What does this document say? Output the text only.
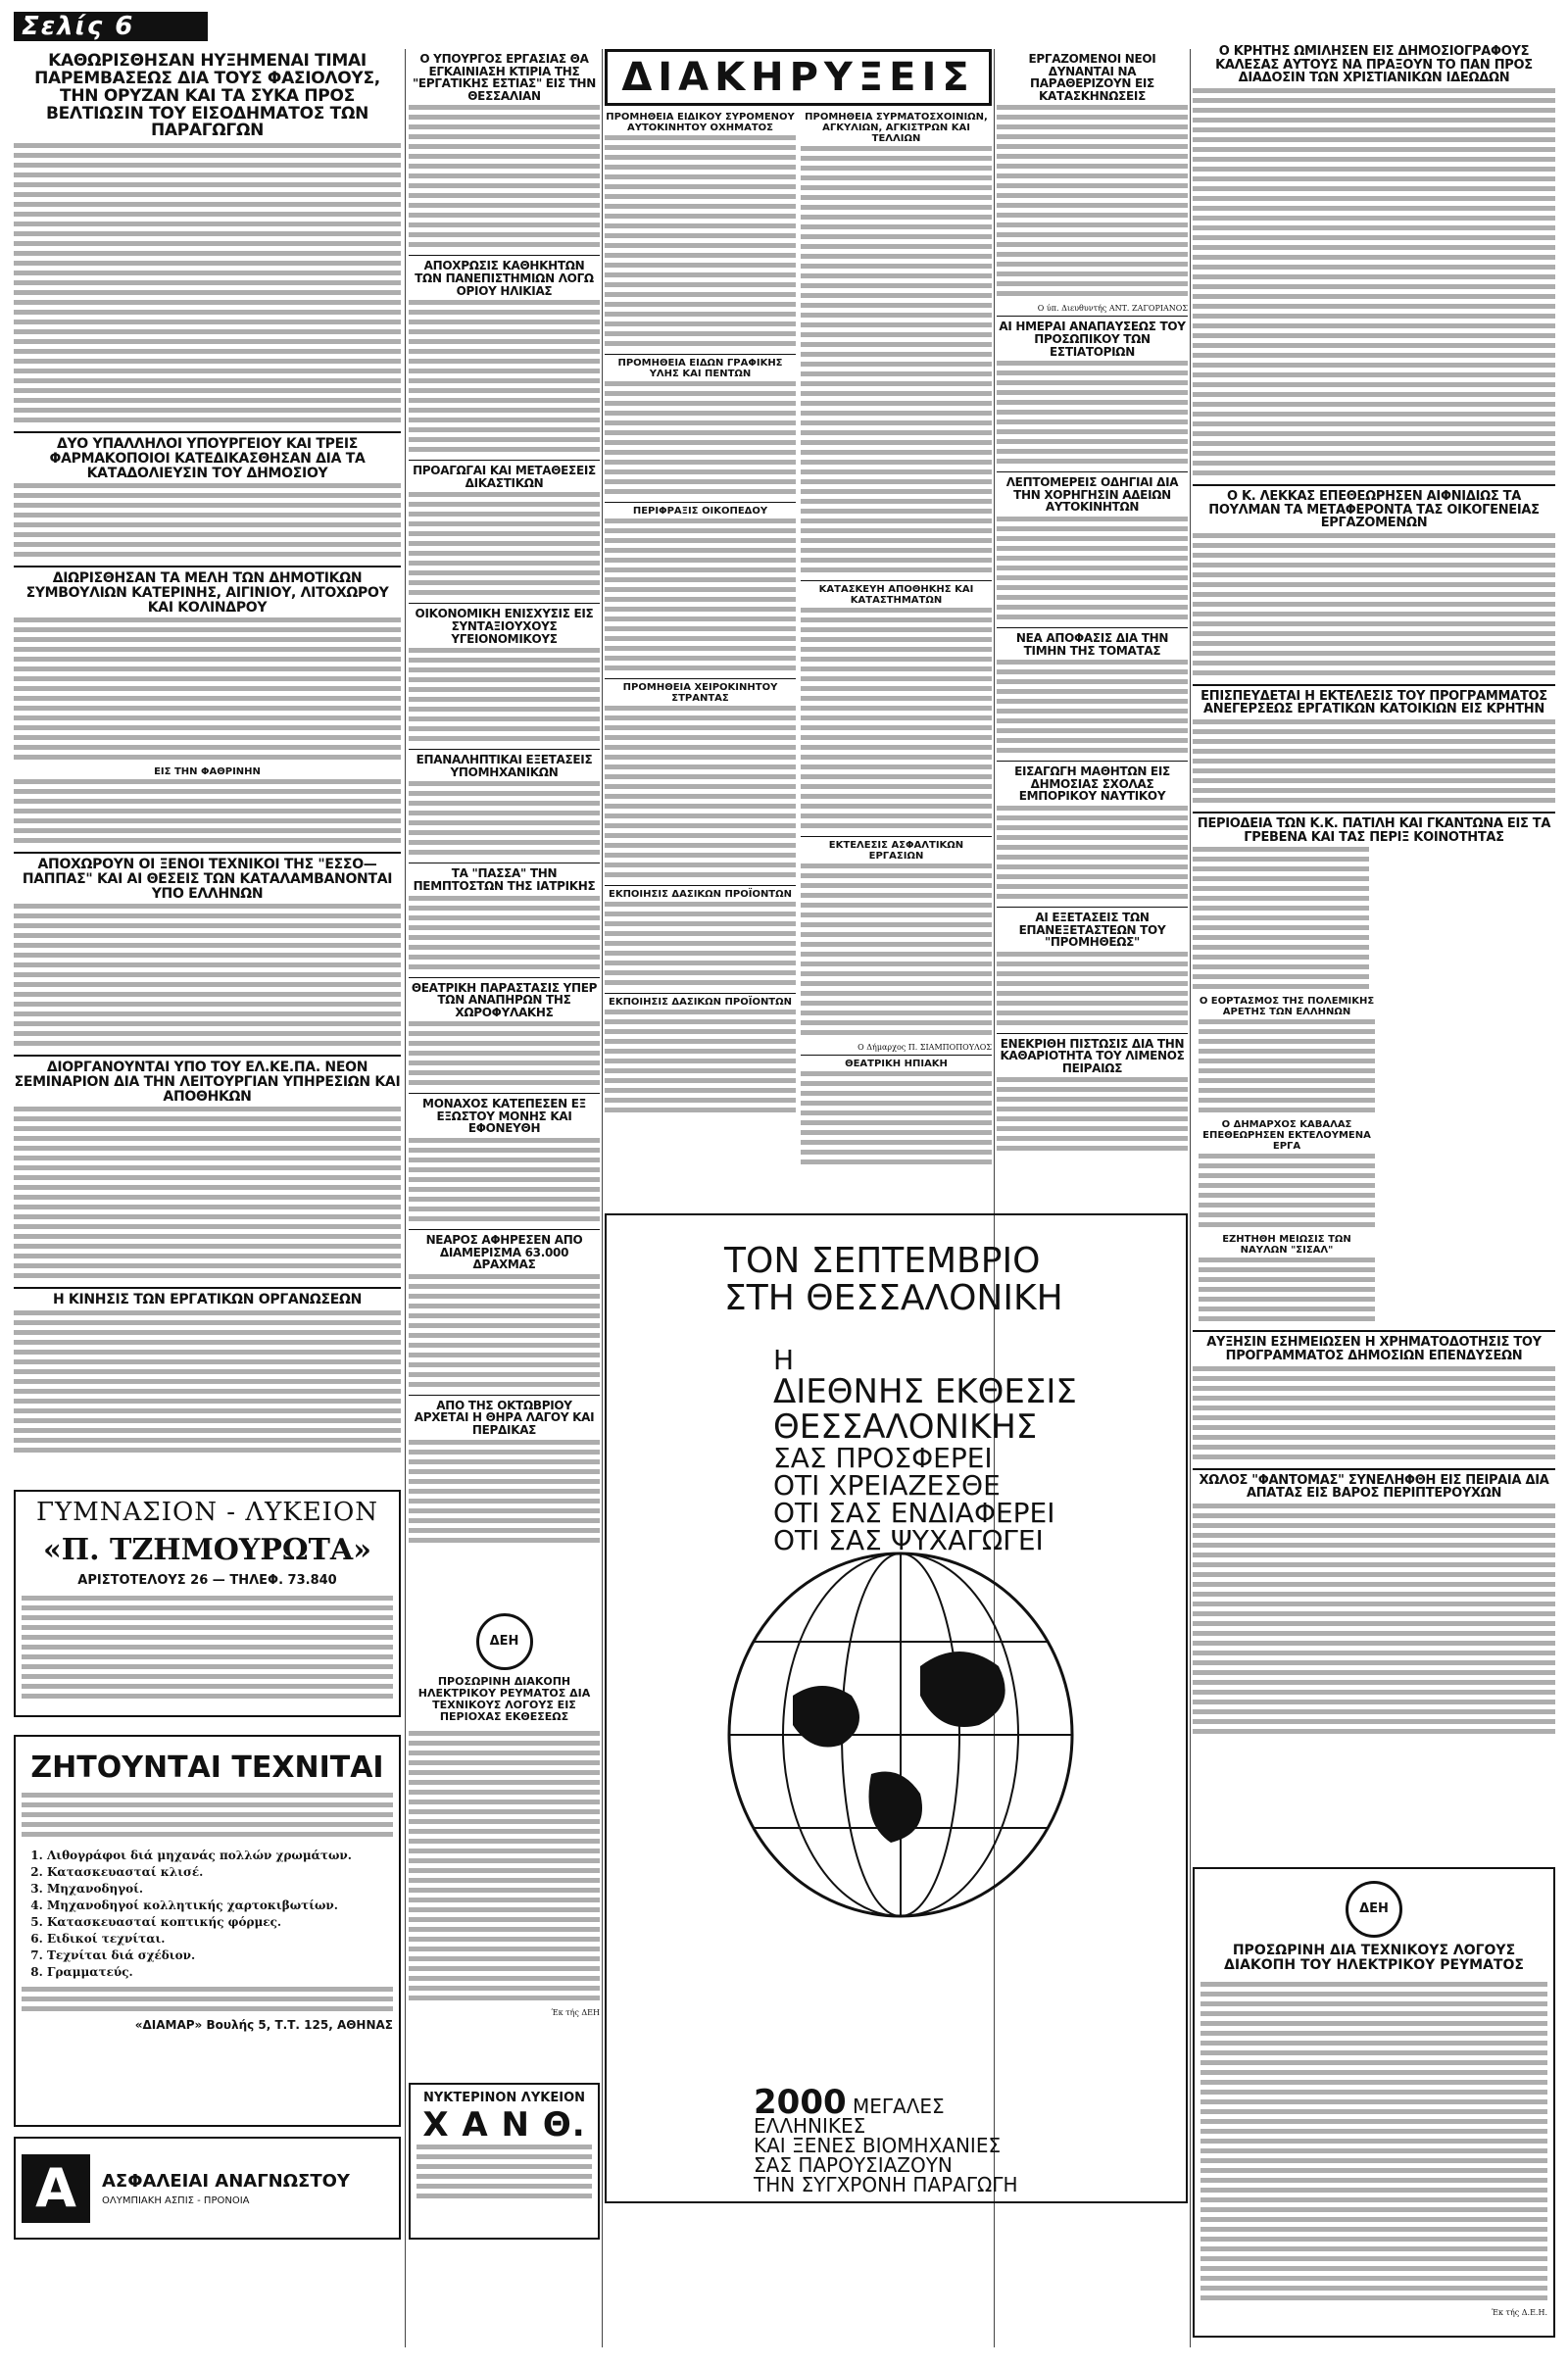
Σελίς 6
ΚΑΘΩΡΙΣΘΗΣΑΝ ΗΥΞΗΜΕΝΑΙ ΤΙΜΑΙ ΠΑΡΕΜΒΑΣΕΩΣ ΔΙΑ ΤΟΥΣ ΦΑΣΙΟΛΟΥΣ, ΤΗΝ ΟΡΥΖΑΝ ΚΑΙ ΤΑ ΣΥΚΑ ΠΡΟΣ ΒΕΛΤΙΩΣΙΝ ΤΟΥ ΕΙΣΟΔΗΜΑΤΟΣ ΤΩΝ ΠΑΡΑΓΩΓΩΝ
ΔΥΟ ΥΠΑΛΛΗΛΟΙ ΥΠΟΥΡΓΕΙΟΥ ΚΑΙ ΤΡΕΙΣ ΦΑΡΜΑΚΟΠΟΙΟΙ ΚΑΤΕΔΙΚΑΣΘΗΣΑΝ ΔΙΑ ΤΑ ΚΑΤΑΔΟΛΙΕΥΣΙΝ ΤΟΥ ΔΗΜΟΣΙΟΥ
ΔΙΩΡΙΣΘΗΣΑΝ ΤΑ ΜΕΛΗ ΤΩΝ ΔΗΜΟΤΙΚΩΝ ΣΥΜΒΟΥΛΙΩΝ ΚΑΤΕΡΙΝΗΣ, ΑΙΓΙΝΙΟΥ, ΛΙΤΟΧΩΡΟΥ ΚΑΙ ΚΟΛΙΝΔΡΟΥ
ΕΙΣ ΤΗΝ ΦΑΘΡΙΝΗΝ
ΑΠΟΧΩΡΟΥΝ ΟΙ ΞΕΝΟΙ ΤΕΧΝΙΚΟΙ ΤΗΣ "ΕΣΣΟ—ΠΑΠΠΑΣ" ΚΑΙ ΑΙ ΘΕΣΕΙΣ ΤΩΝ ΚΑΤΑΛΑΜΒΑΝΟΝΤΑΙ ΥΠΟ ΕΛΛΗΝΩΝ
ΔΙΟΡΓΑΝΟΥΝΤΑΙ ΥΠΟ ΤΟΥ ΕΛ.ΚΕ.ΠΑ. ΝΕΟΝ ΣΕΜΙΝΑΡΙΟΝ ΔΙΑ ΤΗΝ ΛΕΙΤΟΥΡΓΙΑΝ ΥΠΗΡΕΣΙΩΝ ΚΑΙ ΑΠΟΘΗΚΩΝ
Η ΚΙΝΗΣΙΣ ΤΩΝ ΕΡΓΑΤΙΚΩΝ ΟΡΓΑΝΩΣΕΩΝ
ΓΥΜΝΑΣΙΟΝ - ΛΥΚΕΙΟΝ
«Π. ΤΖΗΜΟΥΡΩΤΑ»
ΑΡΙΣΤΟΤΕΛΟΥΣ 26 — ΤΗΛΕΦ. 73.840
ΖΗΤΟΥΝΤΑΙ ΤΕΧΝΙΤΑΙ
1. Λιθογράφοι διά μηχανάς πολλών χρωμάτων.
2. Κατασκευασταί κλισέ.
3. Μηχανοδηγοί.
4. Μηχανοδηγοί κολλητικής χαρτοκιβωτίων.
5. Κατασκευασταί κοπτικής φόρμες.
6. Ειδικοί τεχνίται.
7. Τεχνίται διά σχέδιον.
8. Γραμματεύς.
«ΔΙΑΜΑΡ» Βουλής 5, Τ.Τ. 125, ΑΘΗΝΑΣ
Α	ΑΣΦΑΛΕΙΑΙ ΑΝΑΓΝΩΣΤΟΥ
ΟΛΥΜΠΙΑΚΗ ΑΣΠΙΣ - ΠΡΟΝΟΙΑ
Ο ΥΠΟΥΡΓΟΣ ΕΡΓΑΣΙΑΣ ΘΑ ΕΓΚΑΙΝΙΑΣΗ ΚΤΙΡΙΑ ΤΗΣ "ΕΡΓΑΤΙΚΗΣ ΕΣΤΙΑΣ" ΕΙΣ ΤΗΝ ΘΕΣΣΑΛΙΑΝ
ΑΠΟΧΡΩΣΙΣ ΚΑΘΗΚΗΤΩΝ ΤΩΝ ΠΑΝΕΠΙΣΤΗΜΙΩΝ ΛΟΓΩ ΟΡΙΟΥ ΗΛΙΚΙΑΣ
ΠΡΟΑΓΩΓΑΙ ΚΑΙ ΜΕΤΑΘΕΣΕΙΣ ΔΙΚΑΣΤΙΚΩΝ
ΟΙΚΟΝΟΜΙΚΗ ΕΝΙΣΧΥΣΙΣ ΕΙΣ ΣΥΝΤΑΞΙΟΥΧΟΥΣ ΥΓΕΙΟΝΟΜΙΚΟΥΣ
ΕΠΑΝΑΛΗΠΤΙΚΑΙ ΕΞΕΤΑΣΕΙΣ ΥΠΟΜΗΧΑΝΙΚΩΝ
ΤΑ "ΠΑΣΣΑ" ΤΗΝ ΠΕΜΠΤΟΣΤΩΝ ΤΗΣ ΙΑΤΡΙΚΗΣ
ΘΕΑΤΡΙΚΗ ΠΑΡΑΣΤΑΣΙΣ ΥΠΕΡ ΤΩΝ ΑΝΑΠΗΡΩΝ ΤΗΣ ΧΩΡΟΦΥΛΑΚΗΣ
ΜΟΝΑΧΟΣ ΚΑΤΕΠΕΣΕΝ ΕΞ ΕΞΩΣΤΟΥ ΜΟΝΗΣ ΚΑΙ ΕΦΟΝΕΥΘΗ
ΝΕΑΡΟΣ ΑΦΗΡΕΣΕΝ ΑΠΟ ΔΙΑΜΕΡΙΣΜΑ 63.000 ΔΡΑΧΜΑΣ
ΑΠΟ ΤΗΣ ΟΚΤΩΒΡΙΟΥ ΑΡΧΕΤΑΙ Η ΘΗΡΑ ΛΑΓΟΥ ΚΑΙ ΠΕΡΔΙΚΑΣ
ΔΕΗ
ΠΡΟΣΩΡΙΝΗ ΔΙΑΚΟΠΗ ΗΛΕΚΤΡΙΚΟΥ ΡΕΥΜΑΤΟΣ ΔΙΑ ΤΕΧΝΙΚΟΥΣ ΛΟΓΟΥΣ ΕΙΣ ΠΕΡΙΟΧΑΣ ΕΚΘΕΣΕΩΣ
Έκ τής ΔΕΗ
ΝΥΚΤΕΡΙΝΟΝ ΛΥΚΕΙΟΝ
Χ Α Ν Θ.
ΔΙΑΚΗΡΥΞΕΙΣ
ΠΡΟΜΗΘΕΙΑ ΕΙΔΙΚΟΥ ΣΥΡΟΜΕΝΟΥ ΑΥΤΟΚΙΝΗΤΟΥ ΟΧΗΜΑΤΟΣ
ΠΡΟΜΗΘΕΙΑ ΕΙΔΩΝ ΓΡΑΦΙΚΗΣ ΥΛΗΣ ΚΑΙ ΠΕΝΤΩΝ
ΠΕΡΙΦΡΑΞΙΣ ΟΙΚΟΠΕΔΟΥ
ΠΡΟΜΗΘΕΙΑ ΧΕΙΡΟΚΙΝΗΤΟΥ ΣΤΡΑΝΤΑΣ
ΕΚΠΟΙΗΣΙΣ ΔΑΣΙΚΩΝ ΠΡΟΪΟΝΤΩΝ
ΕΚΠΟΙΗΣΙΣ ΔΑΣΙΚΩΝ ΠΡΟΪΟΝΤΩΝ
ΠΡΟΜΗΘΕΙΑ ΣΥΡΜΑΤΟΣΧΟΙΝΙΩΝ, ΑΓΚΥΛΙΩΝ, ΑΓΚΙΣΤΡΩΝ ΚΑΙ ΤΕΛΛΙΩΝ
ΚΑΤΑΣΚΕΥΗ ΑΠΟΘΗΚΗΣ ΚΑΙ ΚΑΤΑΣΤΗΜΑΤΩΝ
ΕΚΤΕΛΕΣΙΣ ΑΣΦΑΛΤΙΚΩΝ ΕΡΓΑΣΙΩΝ
Ο Δήμαρχος Π. ΣΙΑΜΠΟΠΟΥΛΟΣ
ΘΕΑΤΡΙΚΗ ΗΠΙΑΚΗ
ΕΡΓΑΖΟΜΕΝΟΙ ΝΕΟΙ ΔΥΝΑΝΤΑΙ ΝΑ ΠΑΡΑΘΕΡΙΖΟΥΝ ΕΙΣ ΚΑΤΑΣΚΗΝΩΣΕΙΣ
Ο ύπ. Διευθυντής ΑΝΤ. ΖΑΓΟΡΙΑΝΟΣ
ΑΙ ΗΜΕΡΑΙ ΑΝΑΠΑΥΣΕΩΣ ΤΟΥ ΠΡΟΣΩΠΙΚΟΥ ΤΩΝ ΕΣΤΙΑΤΟΡΙΩΝ
ΛΕΠΤΟΜΕΡΕΙΣ ΟΔΗΓΙΑΙ ΔΙΑ ΤΗΝ ΧΟΡΗΓΗΣΙΝ ΑΔΕΙΩΝ ΑΥΤΟΚΙΝΗΤΩΝ
ΝΕΑ ΑΠΟΦΑΣΙΣ ΔΙΑ ΤΗΝ ΤΙΜΗΝ ΤΗΣ ΤΟΜΑΤΑΣ
ΕΙΣΑΓΩΓΗ ΜΑΘΗΤΩΝ ΕΙΣ ΔΗΜΟΣΙΑΣ ΣΧΟΛΑΣ ΕΜΠΟΡΙΚΟΥ ΝΑΥΤΙΚΟΥ
ΑΙ ΕΞΕΤΑΣΕΙΣ ΤΩΝ ΕΠΑΝΕΞΕΤΑΣΤΕΩΝ ΤΟΥ "ΠΡΟΜΗΘΕΩΣ"
ΕΝΕΚΡΙΘΗ ΠΙΣΤΩΣΙΣ ΔΙΑ ΤΗΝ ΚΑΘΑΡΙΟΤΗΤΑ ΤΟΥ ΛΙΜΕΝΟΣ ΠΕΙΡΑΙΩΣ
ΤΟΝ ΣΕΠΤΕΜΒΡΙΟ
ΣΤΗ ΘΕΣΣΑΛΟΝΙΚΗ
Η
ΔΙΕΘΝΗΣ ΕΚΘΕΣΙΣ
ΘΕΣΣΑΛΟΝΙΚΗΣ
ΣΑΣ ΠΡΟΣΦΕΡΕΙ
ΟΤΙ ΧΡΕΙΑΖΕΣΘΕ
ΟΤΙ ΣΑΣ ΕΝΔΙΑΦΕΡΕΙ
ΟΤΙ ΣΑΣ ΨΥΧΑΓΩΓΕΙ
2000 ΜΕΓΑΛΕΣ
ΕΛΛΗΝΙΚΕΣ
ΚΑΙ ΞΕΝΕΣ ΒΙΟΜΗΧΑΝΙΕΣ
ΣΑΣ ΠΑΡΟΥΣΙΑΖΟΥΝ
ΤΗΝ ΣΥΓΧΡΟΝΗ ΠΑΡΑΓΩΓΗ
Ο ΚΡΗΤΗΣ ΩΜΙΛΗΣΕΝ ΕΙΣ ΔΗΜΟΣΙΟΓΡΑΦΟΥΣ ΚΑΛΕΣΑΣ ΑΥΤΟΥΣ ΝΑ ΠΡΑΞΟΥΝ ΤΟ ΠΑΝ ΠΡΟΣ ΔΙΑΔΟΣΙΝ ΤΩΝ ΧΡΙΣΤΙΑΝΙΚΩΝ ΙΔΕΩΔΩΝ
Ο Κ. ΛΕΚΚΑΣ ΕΠΕΘΕΩΡΗΣΕΝ ΑΙΦΝΙΔΙΩΣ ΤΑ ΠΟΥΛΜΑΝ ΤΑ ΜΕΤΑΦΕΡΟΝΤΑ ΤΑΣ ΟΙΚΟΓΕΝΕΙΑΣ ΕΡΓΑΖΟΜΕΝΩΝ
ΕΠΙΣΠΕΥΔΕΤΑΙ Η ΕΚΤΕΛΕΣΙΣ ΤΟΥ ΠΡΟΓΡΑΜΜΑΤΟΣ ΑΝΕΓΕΡΣΕΩΣ ΕΡΓΑΤΙΚΩΝ ΚΑΤΟΙΚΙΩΝ ΕΙΣ ΚΡΗΤΗΝ
ΠΕΡΙΟΔΕΙΑ ΤΩΝ Κ.Κ. ΠΑΤΙΛΗ ΚΑΙ ΓΚΑΝΤΩΝΑ ΕΙΣ ΤΑ ΓΡΕΒΕΝΑ ΚΑΙ ΤΑΣ ΠΕΡΙΞ ΚΟΙΝΟΤΗΤΑΣ

Ο ΕΟΡΤΑΣΜΟΣ ΤΗΣ ΠΟΛΕΜΙΚΗΣ ΑΡΕΤΗΣ ΤΩΝ ΕΛΛΗΝΩΝ
Ο ΔΗΜΑΡΧΟΣ ΚΑΒΑΛΑΣ ΕΠΕΘΕΩΡΗΣΕΝ ΕΚΤΕΛΟΥΜΕΝΑ ΕΡΓΑ
ΕΖΗΤΗΘΗ ΜΕΙΩΣΙΣ ΤΩΝ ΝΑΥΛΩΝ "ΣΙΣΑΛ"
ΑΥΞΗΣΙΝ ΕΣΗΜΕΙΩΣΕΝ Η ΧΡΗΜΑΤΟΔΟΤΗΣΙΣ ΤΟΥ ΠΡΟΓΡΑΜΜΑΤΟΣ ΔΗΜΟΣΙΩΝ ΕΠΕΝΔΥΣΕΩΝ
ΧΩΛΟΣ "ΦΑΝΤΟΜΑΣ" ΣΥΝΕΛΗΦΘΗ ΕΙΣ ΠΕΙΡΑΙΑ ΔΙΑ ΑΠΑΤΑΣ ΕΙΣ ΒΑΡΟΣ ΠΕΡΙΠΤΕΡΟΥΧΩΝ
ΔΕΗ
ΠΡΟΣΩΡΙΝΗ ΔΙΑ ΤΕΧΝΙΚΟΥΣ ΛΟΓΟΥΣ ΔΙΑΚΟΠΗ ΤΟΥ ΗΛΕΚΤΡΙΚΟΥ ΡΕΥΜΑΤΟΣ
Έκ τής Δ.Ε.Η.
